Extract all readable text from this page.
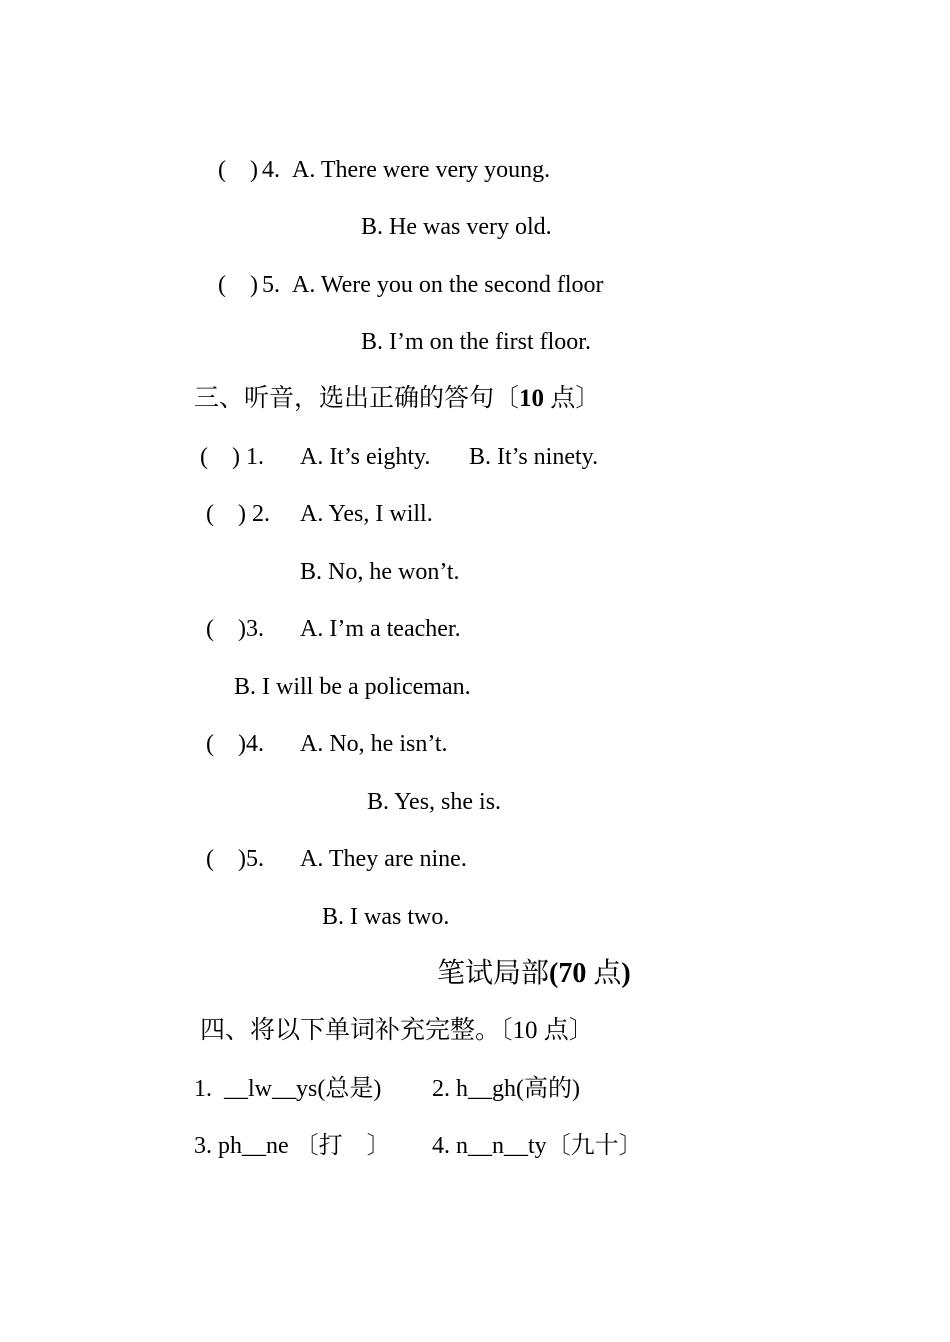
(    ) 4. A. There were very young.
B. He was very old.
(    ) 5. A. Were you on the second floor
B. I’m on the first floor.
三、听音，选出正确的答句〔10 点〕
(    ) 1. A. It’s eighty. B. It’s ninety.
(    ) 2. A. Yes, I will.
B. No, he won’t.
(    )3. A. I’m a teacher.
B. I will be a policeman.
(    )4. A. No, he isn’t.
B. Yes, she is.
(    )5. A. They are nine.
B. I was two.
笔试局部(70 点)
四、将以下单词补充完整。〔10 点〕
1.  __lw__ys(总是) 2. h__gh(高的)
3. ph__ne 〔打    〕 4. n__n__ty〔九十〕
